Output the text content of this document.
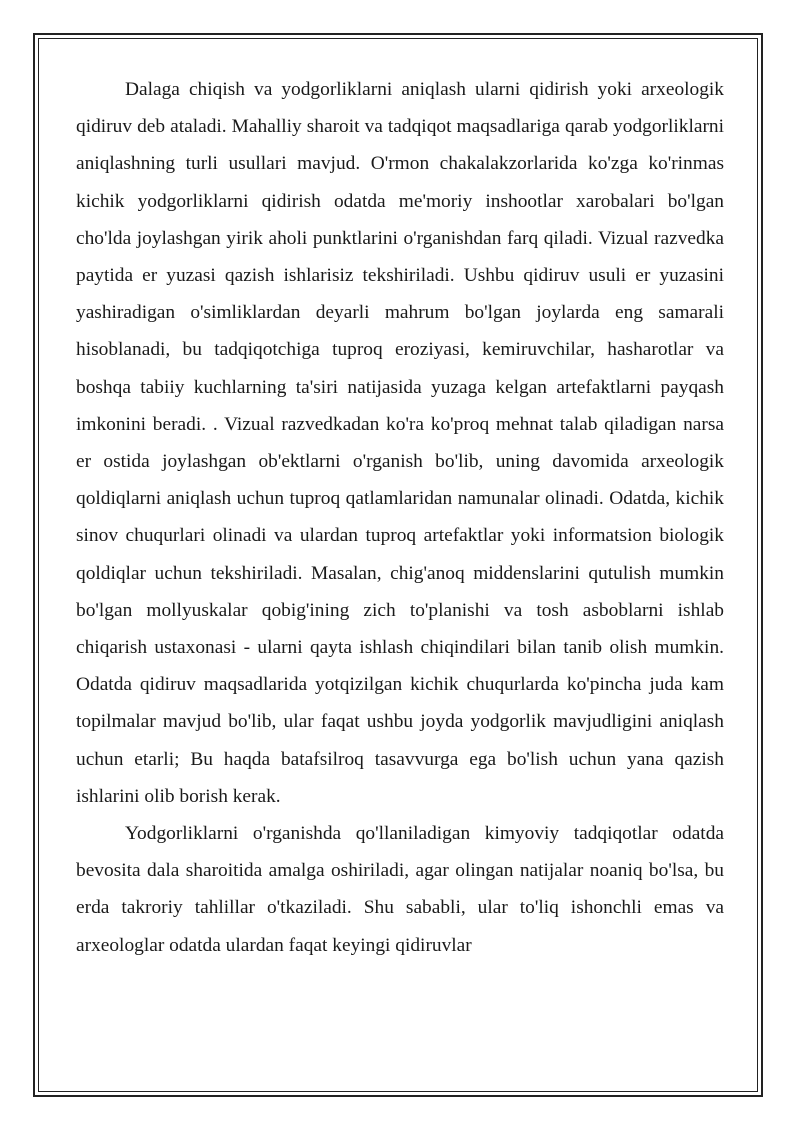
Dalaga chiqish va yodgorliklarni aniqlash ularni qidirish yoki arxeologik qidiruv deb ataladi. Mahalliy sharoit va tadqiqot maqsadlariga qarab yodgorliklarni aniqlashning turli usullari mavjud. O'rmon chakalakzorlarida ko'zga ko'rinmas kichik yodgorliklarni qidirish odatda me'moriy inshootlar xarobalari bo'lgan cho'lda joylashgan yirik aholi punktlarini o'rganishdan farq qiladi. Vizual razvedka paytida er yuzasi qazish ishlarisiz tekshiriladi. Ushbu qidiruv usuli er yuzasini yashiradigan o'simliklardan deyarli mahrum bo'lgan joylarda eng samarali hisoblanadi, bu tadqiqotchiga tuproq eroziyasi, kemiruvchilar, hasharotlar va boshqa tabiiy kuchlarning ta'siri natijasida yuzaga kelgan artefaktlarni payqash imkonini beradi. . Vizual razvedkadan ko'ra ko'proq mehnat talab qiladigan narsa er ostida joylashgan ob'ektlarni o'rganish bo'lib, uning davomida arxeologik qoldiqlarni aniqlash uchun tuproq qatlamlaridan namunalar olinadi. Odatda, kichik sinov chuqurlari olinadi va ulardan tuproq artefaktlar yoki informatsion biologik qoldiqlar uchun tekshiriladi. Masalan, chig'anoq middenslarini qutulish mumkin bo'lgan mollyuskalar qobig'ining zich to'planishi va tosh asboblarni ishlab chiqarish ustaxonasi - ularni qayta ishlash chiqindilari bilan tanib olish mumkin. Odatda qidiruv maqsadlarida yotqizilgan kichik chuqurlarda ko'pincha juda kam topilmalar mavjud bo'lib, ular faqat ushbu joyda yodgorlik mavjudligini aniqlash uchun etarli; Bu haqda batafsilroq tasavvurga ega bo'lish uchun yana qazish ishlarini olib borish kerak.

Yodgorliklarni o'rganishda qo'llaniladigan kimyoviy tadqiqotlar odatda bevosita dala sharoitida amalga oshiriladi, agar olingan natijalar noaniq bo'lsa, bu erda takroriy tahlillar o'tkaziladi. Shu sababli, ular to'liq ishonchli emas va arxeologlar odatda ulardan faqat keyingi qidiruvlar
